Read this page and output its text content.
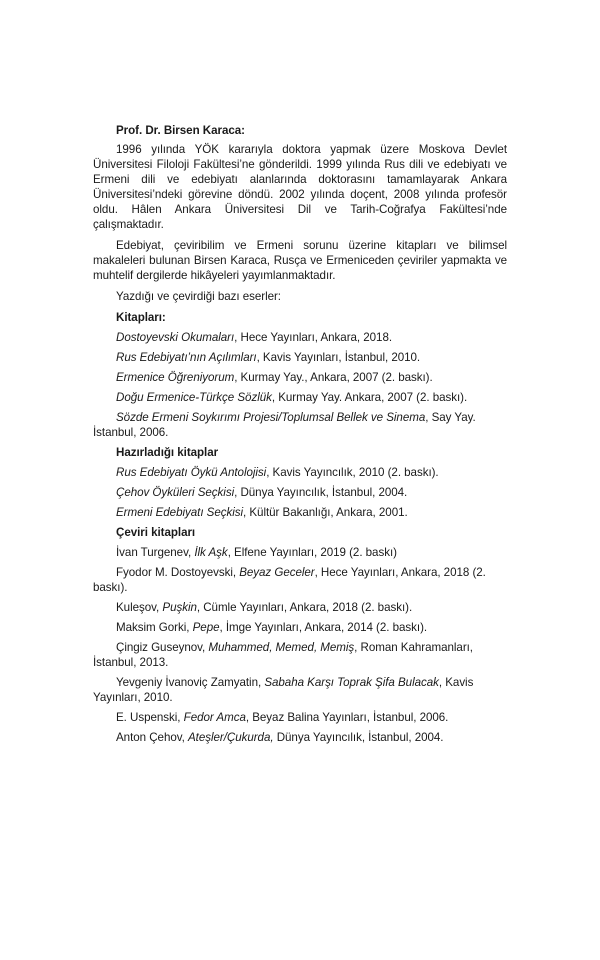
Prof. Dr. Birsen Karaca:

1996 yılında YÖK kararıyla doktora yapmak üzere Moskova Devlet Üniversitesi Filoloji Fakültesi’ne gönderildi. 1999 yılında Rus dili ve edebiyatı ve Ermeni dili ve edebiyatı alanlarında doktorasını tamamlayarak Ankara Üniversitesi’ndeki görevine döndü. 2002 yılında doçent, 2008 yılında profesör oldu. Hâlen Ankara Üniversitesi Dil ve Tarih-Coğrafya Fakültesi’nde çalışmaktadır.

Edebiyat, çeviribilim ve Ermeni sorunu üzerine kitapları ve bilimsel makaleleri bulunan Birsen Karaca, Rusça ve Ermeniceden çeviriler yapmakta ve muhtelif dergilerde hikâyeleri yayımlanmaktadır.

Yazdığı ve çevirdiği bazı eserler:

Kitapları:

Dostoyevski Okumaları, Hece Yayınları, Ankara, 2018.

Rus Edebiyatı’nın Açılımları, Kavis Yayınları, İstanbul, 2010.

Ermenice Öğreniyorum, Kurmay Yay., Ankara, 2007 (2. baskı).

Doğu Ermenice-Türkçe Sözlük, Kurmay Yay. Ankara, 2007 (2. baskı).

Sözde Ermeni Soykırımı Projesi/Toplumsal Bellek ve Sinema, Say Yay. İstanbul, 2006.

Hazırladığı kitaplar

Rus Edebiyatı Öykü Antolojisi, Kavis Yayıncılık, 2010 (2. baskı).

Çehov Öyküleri Seçkisi, Dünya Yayıncılık, İstanbul, 2004.

Ermeni Edebiyatı Seçkisi, Kültür Bakanlığı, Ankara, 2001.

Çeviri kitapları

İvan Turgenev, İlk Aşk, Elfene Yayınları, 2019 (2. baskı)

Fyodor M. Dostoyevski, Beyaz Geceler, Hece Yayınları, Ankara, 2018 (2. baskı).

Kuleşov, Puşkin, Cümle Yayınları, Ankara, 2018 (2. baskı).

Maksim Gorki, Pepe, İmge Yayınları, Ankara, 2014 (2. baskı).

Çingiz Guseynov, Muhammed, Memed, Memiş, Roman Kahramanları, İstanbul, 2013.

Yevgeniy İvanoviç Zamyatin, Sabaha Karşı Toprak Şifa Bulacak, Kavis Yayınları, 2010.

E. Uspenski, Fedor Amca, Beyaz Balina Yayınları, İstanbul, 2006.

Anton Çehov, Ateşler/Çukurda, Dünya Yayıncılık, İstanbul, 2004.
